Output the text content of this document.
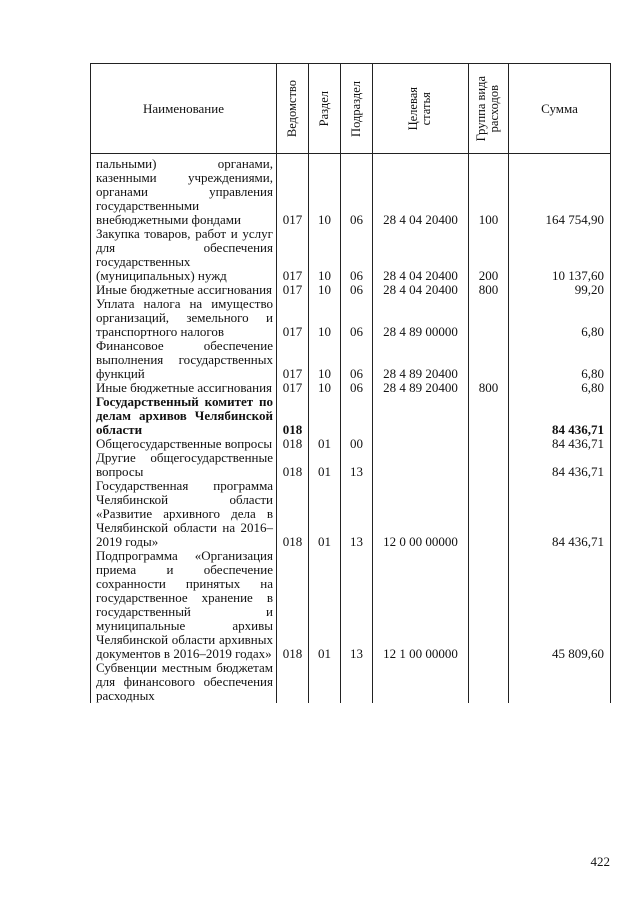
Наименование	Ведомство	Раздел	Подраздел	Целевая
статья	Группа вида
расходов	Сумма
пальными) органами, казенными учреждениями, органами управления государственными внебюджетными фондами	017	10	06	28 4 04 20400	100	164 754,90
Закупка товаров, работ и услуг для обеспечения государственных (муниципальных) нужд	017	10	06	28 4 04 20400	200	10 137,60
Иные бюджетные ассигнования	017	10	06	28 4 04 20400	800	99,20
Уплата налога на имущество организаций, земельного и транспортного налогов	017	10	06	28 4 89 00000		6,80
Финансовое обеспечение выполнения государственных функций	017	10	06	28 4 89 20400		6,80
Иные бюджетные ассигнования	017	10	06	28 4 89 20400	800	6,80
Государственный комитет по делам архивов Челябинской области	018					84 436,71
Общегосударственные вопросы	018	01	00			84 436,71
Другие общегосударственные вопросы	018	01	13			84 436,71
Государственная программа Челябинской области «Развитие архивного дела в Челябинской области на 2016–2019 годы»	018	01	13	12 0 00 00000		84 436,71
Подпрограмма «Организация приема и обеспечение сохранности принятых на государственное хранение в государственный и муниципальные архивы Челябинской области архивных документов в 2016–2019 годах»	018	01	13	12 1 00 00000		45 809,60
Субвенции местным бюджетам для финансового обеспечения расходных						
422
